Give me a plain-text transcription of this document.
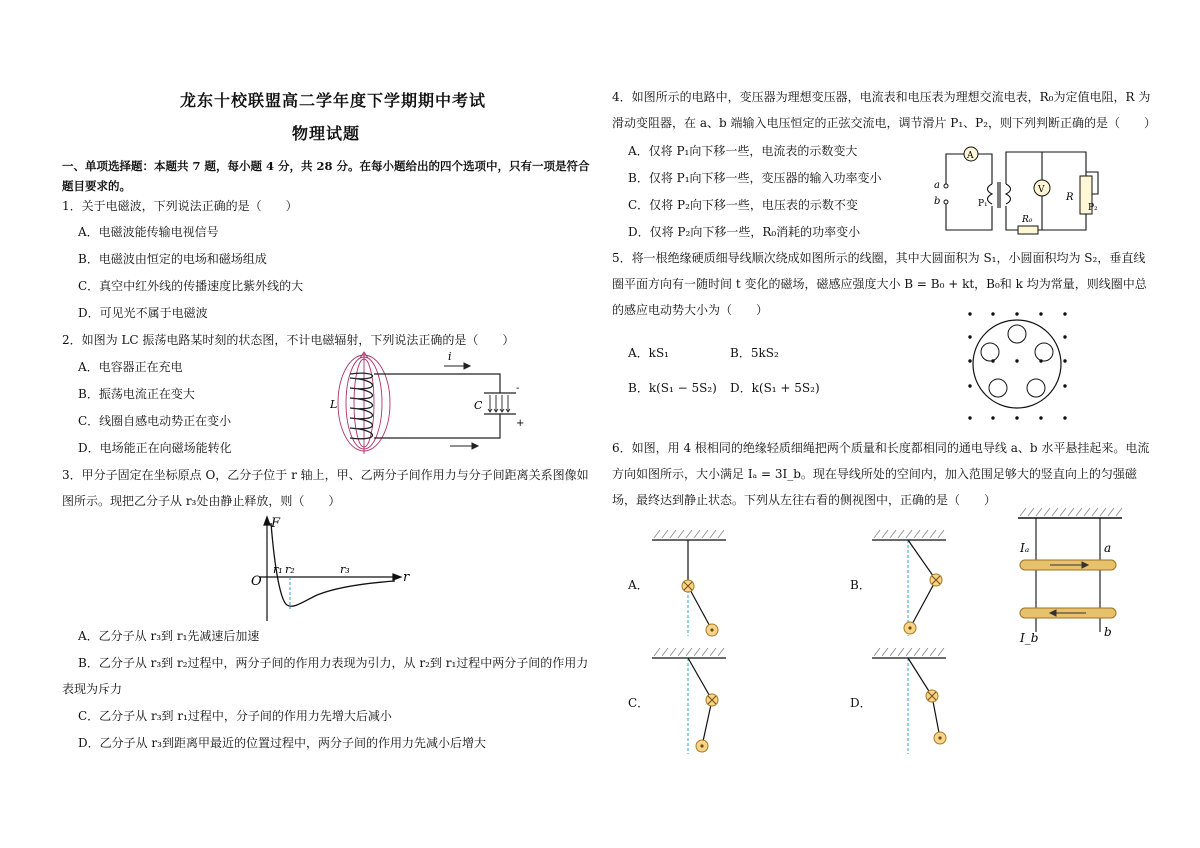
龙东十校联盟高二学年度下学期期中考试
物理试题
一、单项选择题：本题共 7 题，每小题 4 分，共 28 分。在每小题给出的四个选项中，只有一项是符合题目要求的。
1．关于电磁波，下列说法正确的是（　　）
A．电磁波能传输电视信号
B．电磁波由恒定的电场和磁场组成
C．真空中红外线的传播速度比紫外线的大
D．可见光不属于电磁波
2．如图为 LC 振荡电路某时刻的状态图，不计电磁辐射，下列说法正确的是（　　）
A．电容器正在充电
B．振荡电流正在变大
C．线圈自感电动势正在变小
D．电场能正在向磁场能转化
i
L	C
-
+
3．甲分子固定在坐标原点 O，乙分子位于 r 轴上，甲、乙两分子间作用力与分子间距离关系图像如图所示。现把乙分子从 r₃处由静止释放，则（　　）
F
O	r
r₁ r₂	r₃
A．乙分子从 r₃到 r₁先减速后加速
B．乙分子从 r₃到 r₂过程中，两分子间的作用力表现为引力，从 r₂到 r₁过程中两分子间的作用力表现为斥力
C．乙分子从 r₃到 r₁过程中，分子间的作用力先增大后减小
D．乙分子从 r₃到距离甲最近的位置过程中，两分子间的作用力先减小后增大
4．如图所示的电路中，变压器为理想变压器，电流表和电压表为理想交流电表，R₀为定值电阻，R 为滑动变阻器，在 a、b 端输入电压恒定的正弦交流电，调节滑片 P₁、P₂，则下列判断正确的是（　　）
A．仅将 P₁向下移一些，电流表的示数变大
B．仅将 P₁向下移一些，变压器的输入功率变小
C．仅将 P₂向下移一些，电压表的示数不变
D．仅将 P₂向下移一些，R₀消耗的功率变小
A
V
a
b	P₁	P₂
R
R₀
5．将一根绝缘硬质细导线顺次绕成如图所示的线圈，其中大圆面积为 S₁，小圆面积均为 S₂，垂直线圈平面方向有一随时间 t 变化的磁场，磁感应强度大小 B = B₀ + kt，B₀和 k 均为常量，则线圈中总的感应电动势大小为（　　）
A．kS₁	B．5kS₂
B．k(S₁ − 5S₂) D．k(S₁ + 5S₂)
6．如图，用 4 根相同的绝缘轻质细绳把两个质量和长度都相同的通电导线 a、b 水平悬挂起来。电流方向如图所示，大小满足 Iₐ = 3I_b。现在导线所处的空间内，加入范围足够大的竖直向上的匀强磁场，最终达到静止状态。下列从左往右看的侧视图中，正确的是（　　）
A．	B．
C．	D．
Iₐ	a
I_b	b
